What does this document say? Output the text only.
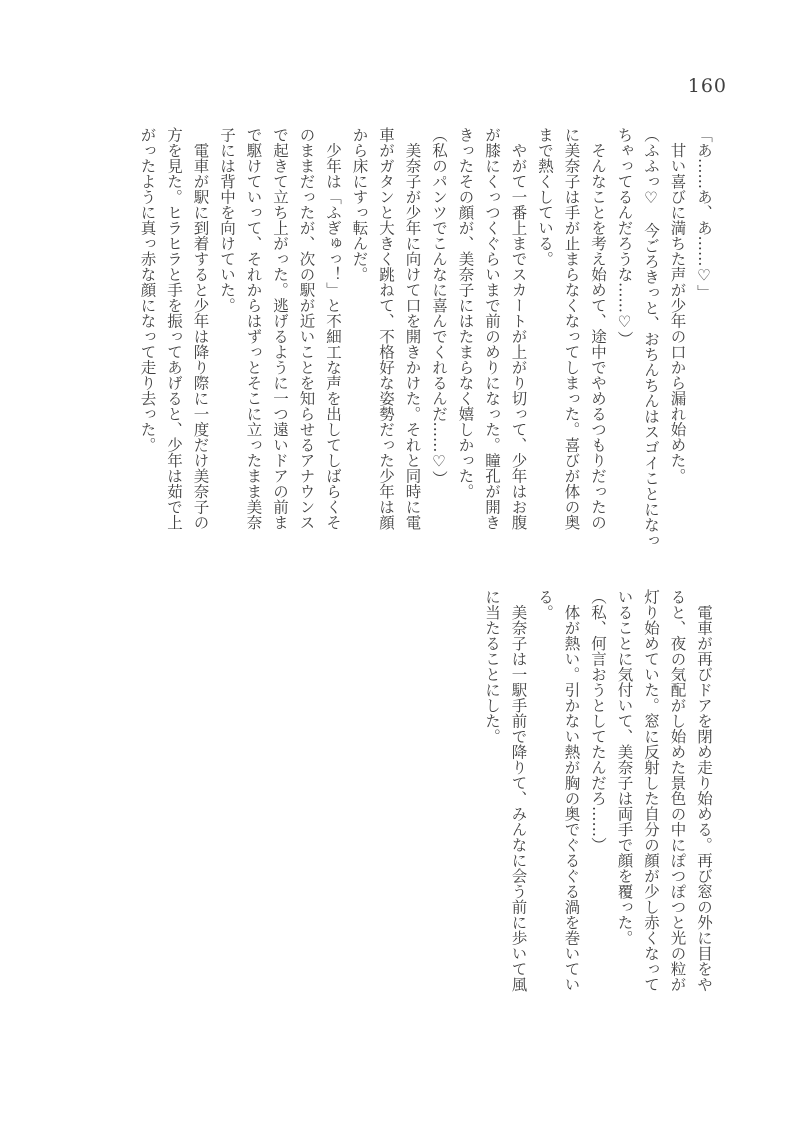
160
「あ……あ、あ……♡」
　甘い喜びに満ちた声が少年の口から漏れ始めた。
（ふふっ♡　今ごろきっと、おちんちんはスゴイことになっ
ちゃってるんだろうな……♡）
　そんなことを考え始めて、途中でやめるつもりだったの
に美奈子は手が止まらなくなってしまった。喜びが体の奥
まで熱くしている。
　やがて一番上までスカートが上がり切って、少年はお腹
が膝にくっつくぐらいまで前のめりになった。瞳孔が開き
きったその顔が、美奈子にはたまらなく嬉しかった。
（私のパンツでこんなに喜んでくれるんだ……♡）
　美奈子が少年に向けて口を開きかけた。それと同時に電
車がガタンと大きく跳ねて、不格好な姿勢だった少年は顔
から床にすっ転んだ。
　少年は「ふぎゅっ！」と不細工な声を出してしばらくそ
のままだったが、次の駅が近いことを知らせるアナウンス
で起きて立ち上がった。逃げるように一つ遠いドアの前ま
で駆けていって、それからはずっとそこに立ったまま美奈
子には背中を向けていた。
　電車が駅に到着すると少年は降り際に一度だけ美奈子の
方を見た。ヒラヒラと手を振ってあげると、少年は茹で上
がったように真っ赤な顔になって走り去った。
　電車が再びドアを閉め走り始める。再び窓の外に目をや
ると、夜の気配がし始めた景色の中にぽつぽつと光の粒が
灯り始めていた。窓に反射した自分の顔が少し赤くなって
いることに気付いて、美奈子は両手で顔を覆った。
（私、何言おうとしてたんだろ……）
　体が熱い。引かない熱が胸の奥でぐるぐる渦を巻いてい
る。
　美奈子は一駅手前で降りて、みんなに会う前に歩いて風
に当たることにした。
